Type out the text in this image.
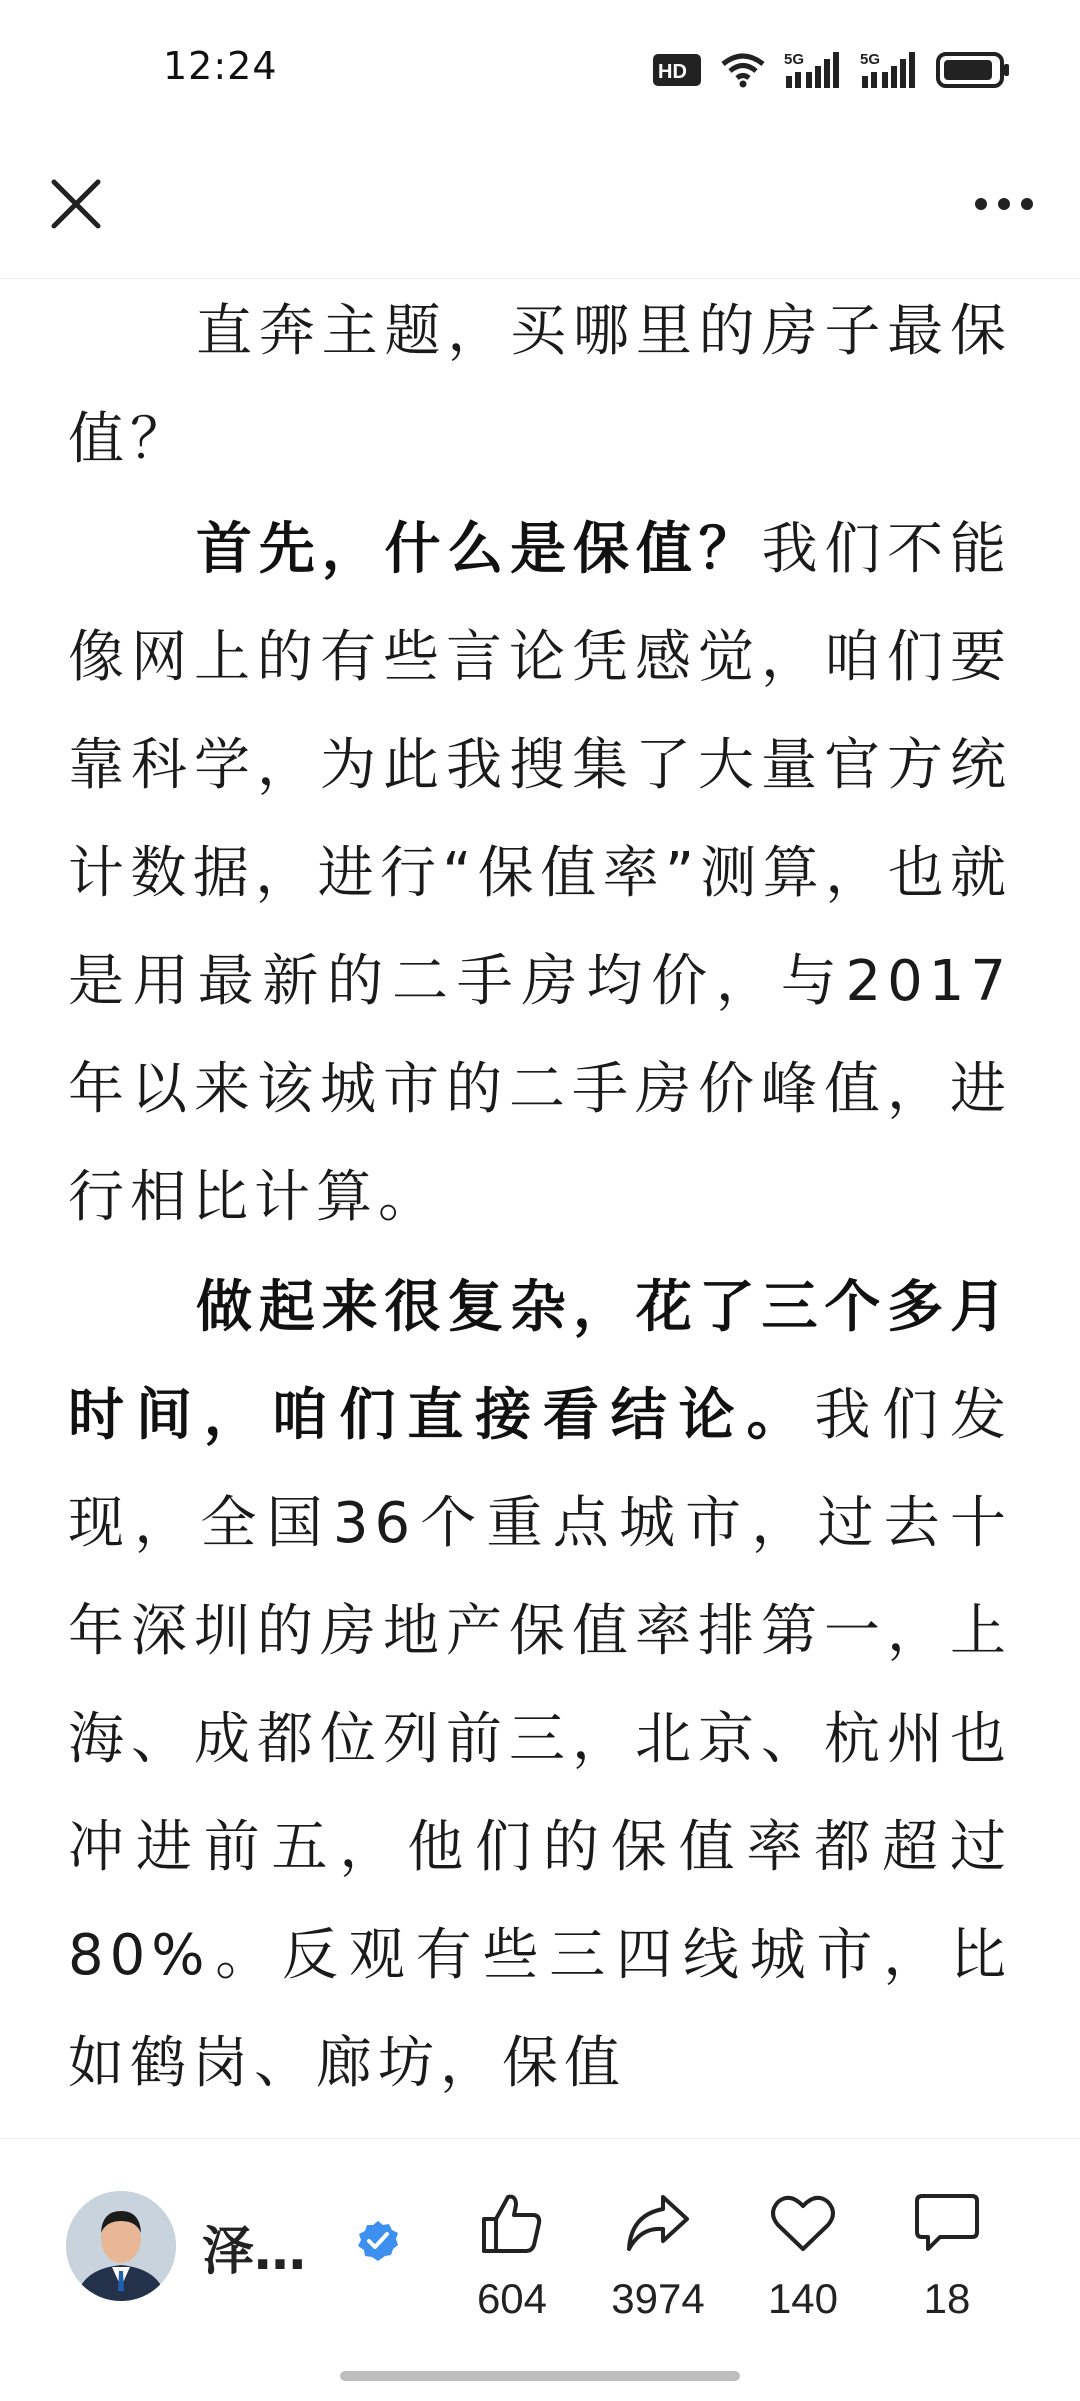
12:24	HD
5G	5G

直奔主题，买哪里的房子最保值？

首先，什么是保值？我们不能像网上的有些言论凭感觉，咱们要靠科学，为此我搜集了大量官方统计数据，进行“保值率”测算，也就是用最新的二手房均价，与2017年以来该城市的二手房价峰值，进行相比计算。

做起来很复杂，花了三个多月时间，咱们直接看结论。我们发现，全国36个重点城市，过去十年深圳的房地产保值率排第一，上海、成都位列前三，北京、杭州也冲进前五，他们的保值率都超过80%。反观有些三四线城市，比如鹤岗、廊坊，保值

泽…
604	3974	140	18
